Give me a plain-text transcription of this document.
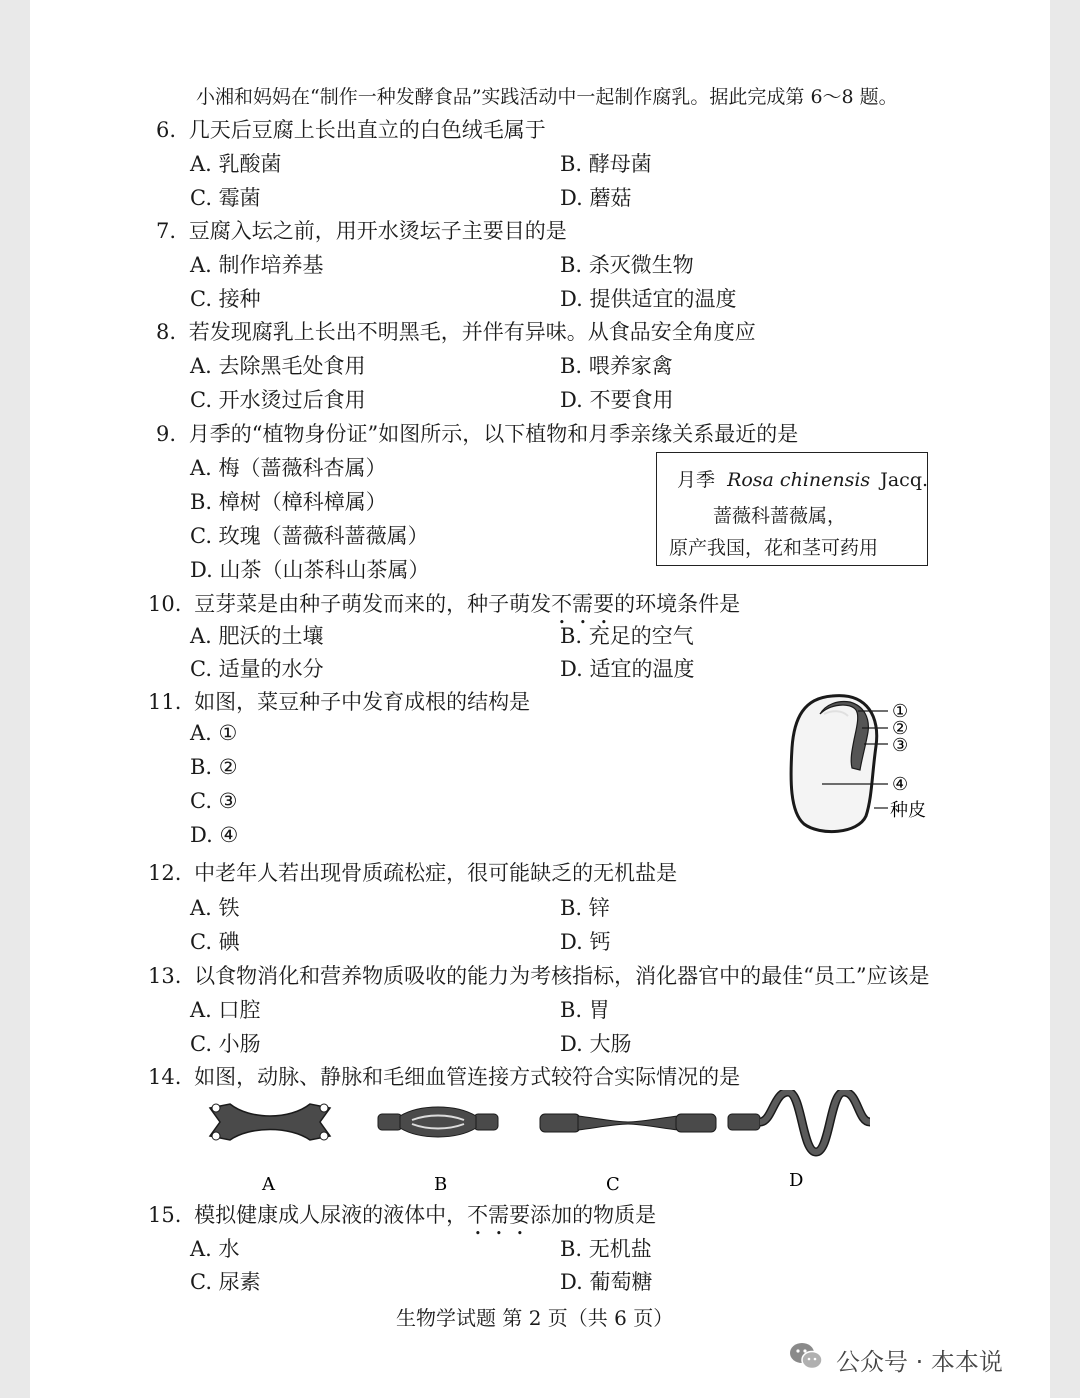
小湘和妈妈在“制作一种发酵食品”实践活动中一起制作腐乳。据此完成第 6～8 题。
6. 几天后豆腐上长出直立的白色绒毛属于
A. 乳酸菌	B. 酵母菌
C. 霉菌	D. 蘑菇
7. 豆腐入坛之前，用开水烫坛子主要目的是
A. 制作培养基	B. 杀灭微生物
C. 接种	D. 提供适宜的温度
8. 若发现腐乳上长出不明黑毛，并伴有异味。从食品安全角度应
A. 去除黑毛处食用	B. 喂养家禽
C. 开水烫过后食用	D. 不要食用
9. 月季的“植物身份证”如图所示，以下植物和月季亲缘关系最近的是
A. 梅（蔷薇科杏属）
B. 樟树（樟科樟属）
C. 玫瑰（蔷薇科蔷薇属）
D. 山茶（山茶科山茶属）
月季 Rosa chinensis Jacq.
蔷薇科蔷薇属，
原产我国，花和茎可药用
10. 豆芽菜是由种子萌发而来的，种子萌发不需要的环境条件是
A. 肥沃的土壤	B. 充足的空气
C. 适量的水分	D. 适宜的温度
11. 如图，菜豆种子中发育成根的结构是
A. ①
B. ②
C. ③
D. ④
①
②
③
④
种皮
12. 中老年人若出现骨质疏松症，很可能缺乏的无机盐是
A. 铁	B. 锌
C. 碘	D. 钙
13. 以食物消化和营养物质吸收的能力为考核指标，消化器官中的最佳“员工”应该是
A. 口腔	B. 胃
C. 小肠	D. 大肠
14. 如图，动脉、静脉和毛细血管连接方式较符合实际情况的是
A	B	C	D
15. 模拟健康成人尿液的液体中，不需要添加的物质是
A. 水	B. 无机盐
C. 尿素	D. 葡萄糖
生物学试题 第 2 页（共 6 页）
公众号 · 本本说
